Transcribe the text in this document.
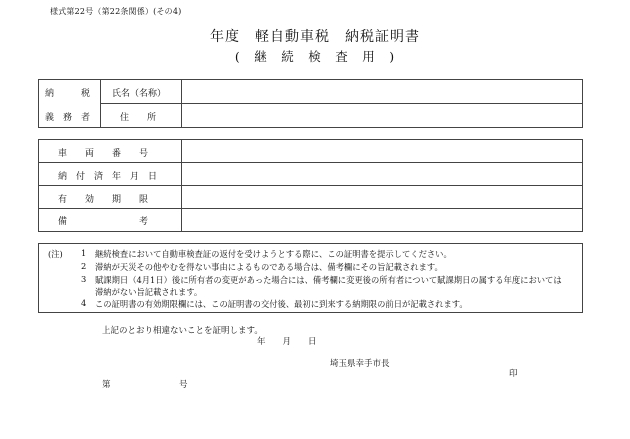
様式第22号（第22条関係）(その4)
年度　軽自動車税　納税証明書
(　継　続　検　査　用　)
納　　　税
義　務　者
氏名（名称）
住　　所
車　　両　　番　　号
納　付　済　年　月　日
有　　効　　期　　限
備　　　　　　　　考
(注) 1 継続検査において自動車検査証の返付を受けようとする際に、この証明書を提示してください。
2 滞納が天災その他やむを得ない事由によるものである場合は、備考欄にその旨記載されます。
3 賦課期日（4月1日）後に所有者の変更があった場合には、備考欄に変更後の所有者について賦課期日の属する年度においては
滞納がない旨記載されます。
4 この証明書の有効期限欄には、この証明書の交付後、最初に到来する納期限の前日が記載されます。
上記のとおり相違ないことを証明します。
年　　月　　日
埼玉県幸手市長
印
第	号
